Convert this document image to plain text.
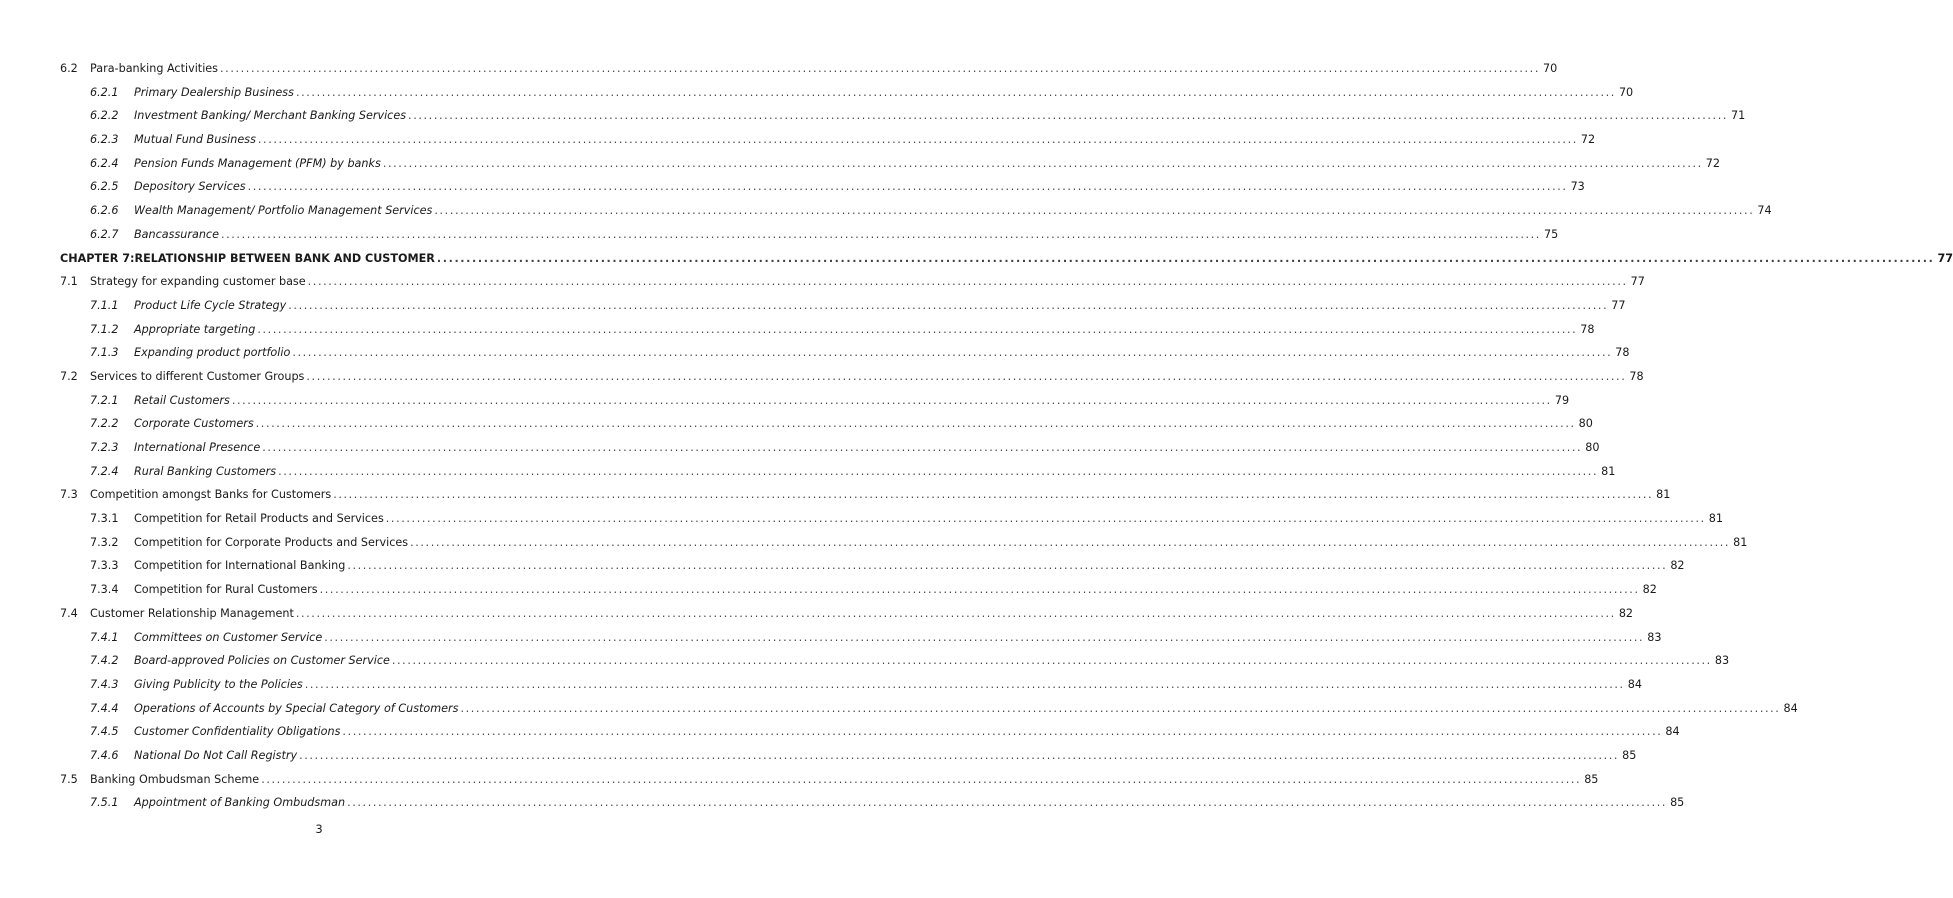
6.2	Para-banking Activities .....	70
6.2.1	Primary Dealership Business .....	70
6.2.2	Investment Banking/ Merchant Banking Services .....	71
6.2.3	Mutual Fund Business .....	72
6.2.4	Pension Funds Management (PFM) by banks .....	72
6.2.5	Depository Services .....	73
6.2.6	Wealth Management/ Portfolio Management Services .....	74
6.2.7	Bancassurance .....	75
CHAPTER 7: RELATIONSHIP BETWEEN BANK AND CUSTOMER .....	77
7.1	Strategy for expanding customer base .....	77
7.1.1	Product Life Cycle Strategy .....	77
7.1.2	Appropriate targeting .....	78
7.1.3	Expanding product portfolio .....	78
7.2	Services to different Customer Groups .....	78
7.2.1	Retail Customers .....	79
7.2.2	Corporate Customers .....	80
7.2.3	International Presence .....	80
7.2.4	Rural Banking Customers .....	81
7.3	Competition amongst Banks for Customers .....	81
7.3.1	Competition for Retail Products and Services .....	81
7.3.2	Competition for Corporate Products and Services .....	81
7.3.3	Competition for International Banking .....	82
7.3.4	Competition for Rural Customers .....	82
7.4	Customer Relationship Management .....	82
7.4.1	Committees on Customer Service .....	83
7.4.2	Board-approved Policies on Customer Service .....	83
7.4.3	Giving Publicity to the Policies .....	84
7.4.4	Operations of Accounts by Special Category of Customers .....	84
7.4.5	Customer Confidentiality Obligations .....	84
7.4.6	National Do Not Call Registry .....	85
7.5	Banking Ombudsman Scheme .....	85
7.5.1	Appointment of Banking Ombudsman .....	85
3
